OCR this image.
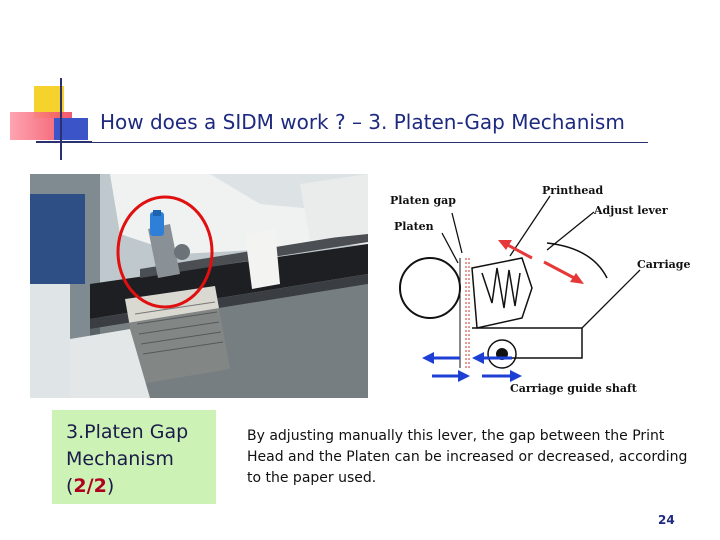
How does a SIDM work ? – 3. Platen-Gap Mechanism
Platen gap
Platen
Printhead
Adjust lever
Carriage
Carriage guide shaft
3.Platen Gap
Mechanism
(2/2)
By adjusting manually this lever, the gap between the Print Head and the Platen can be increased or decreased, according to the paper used.
24
